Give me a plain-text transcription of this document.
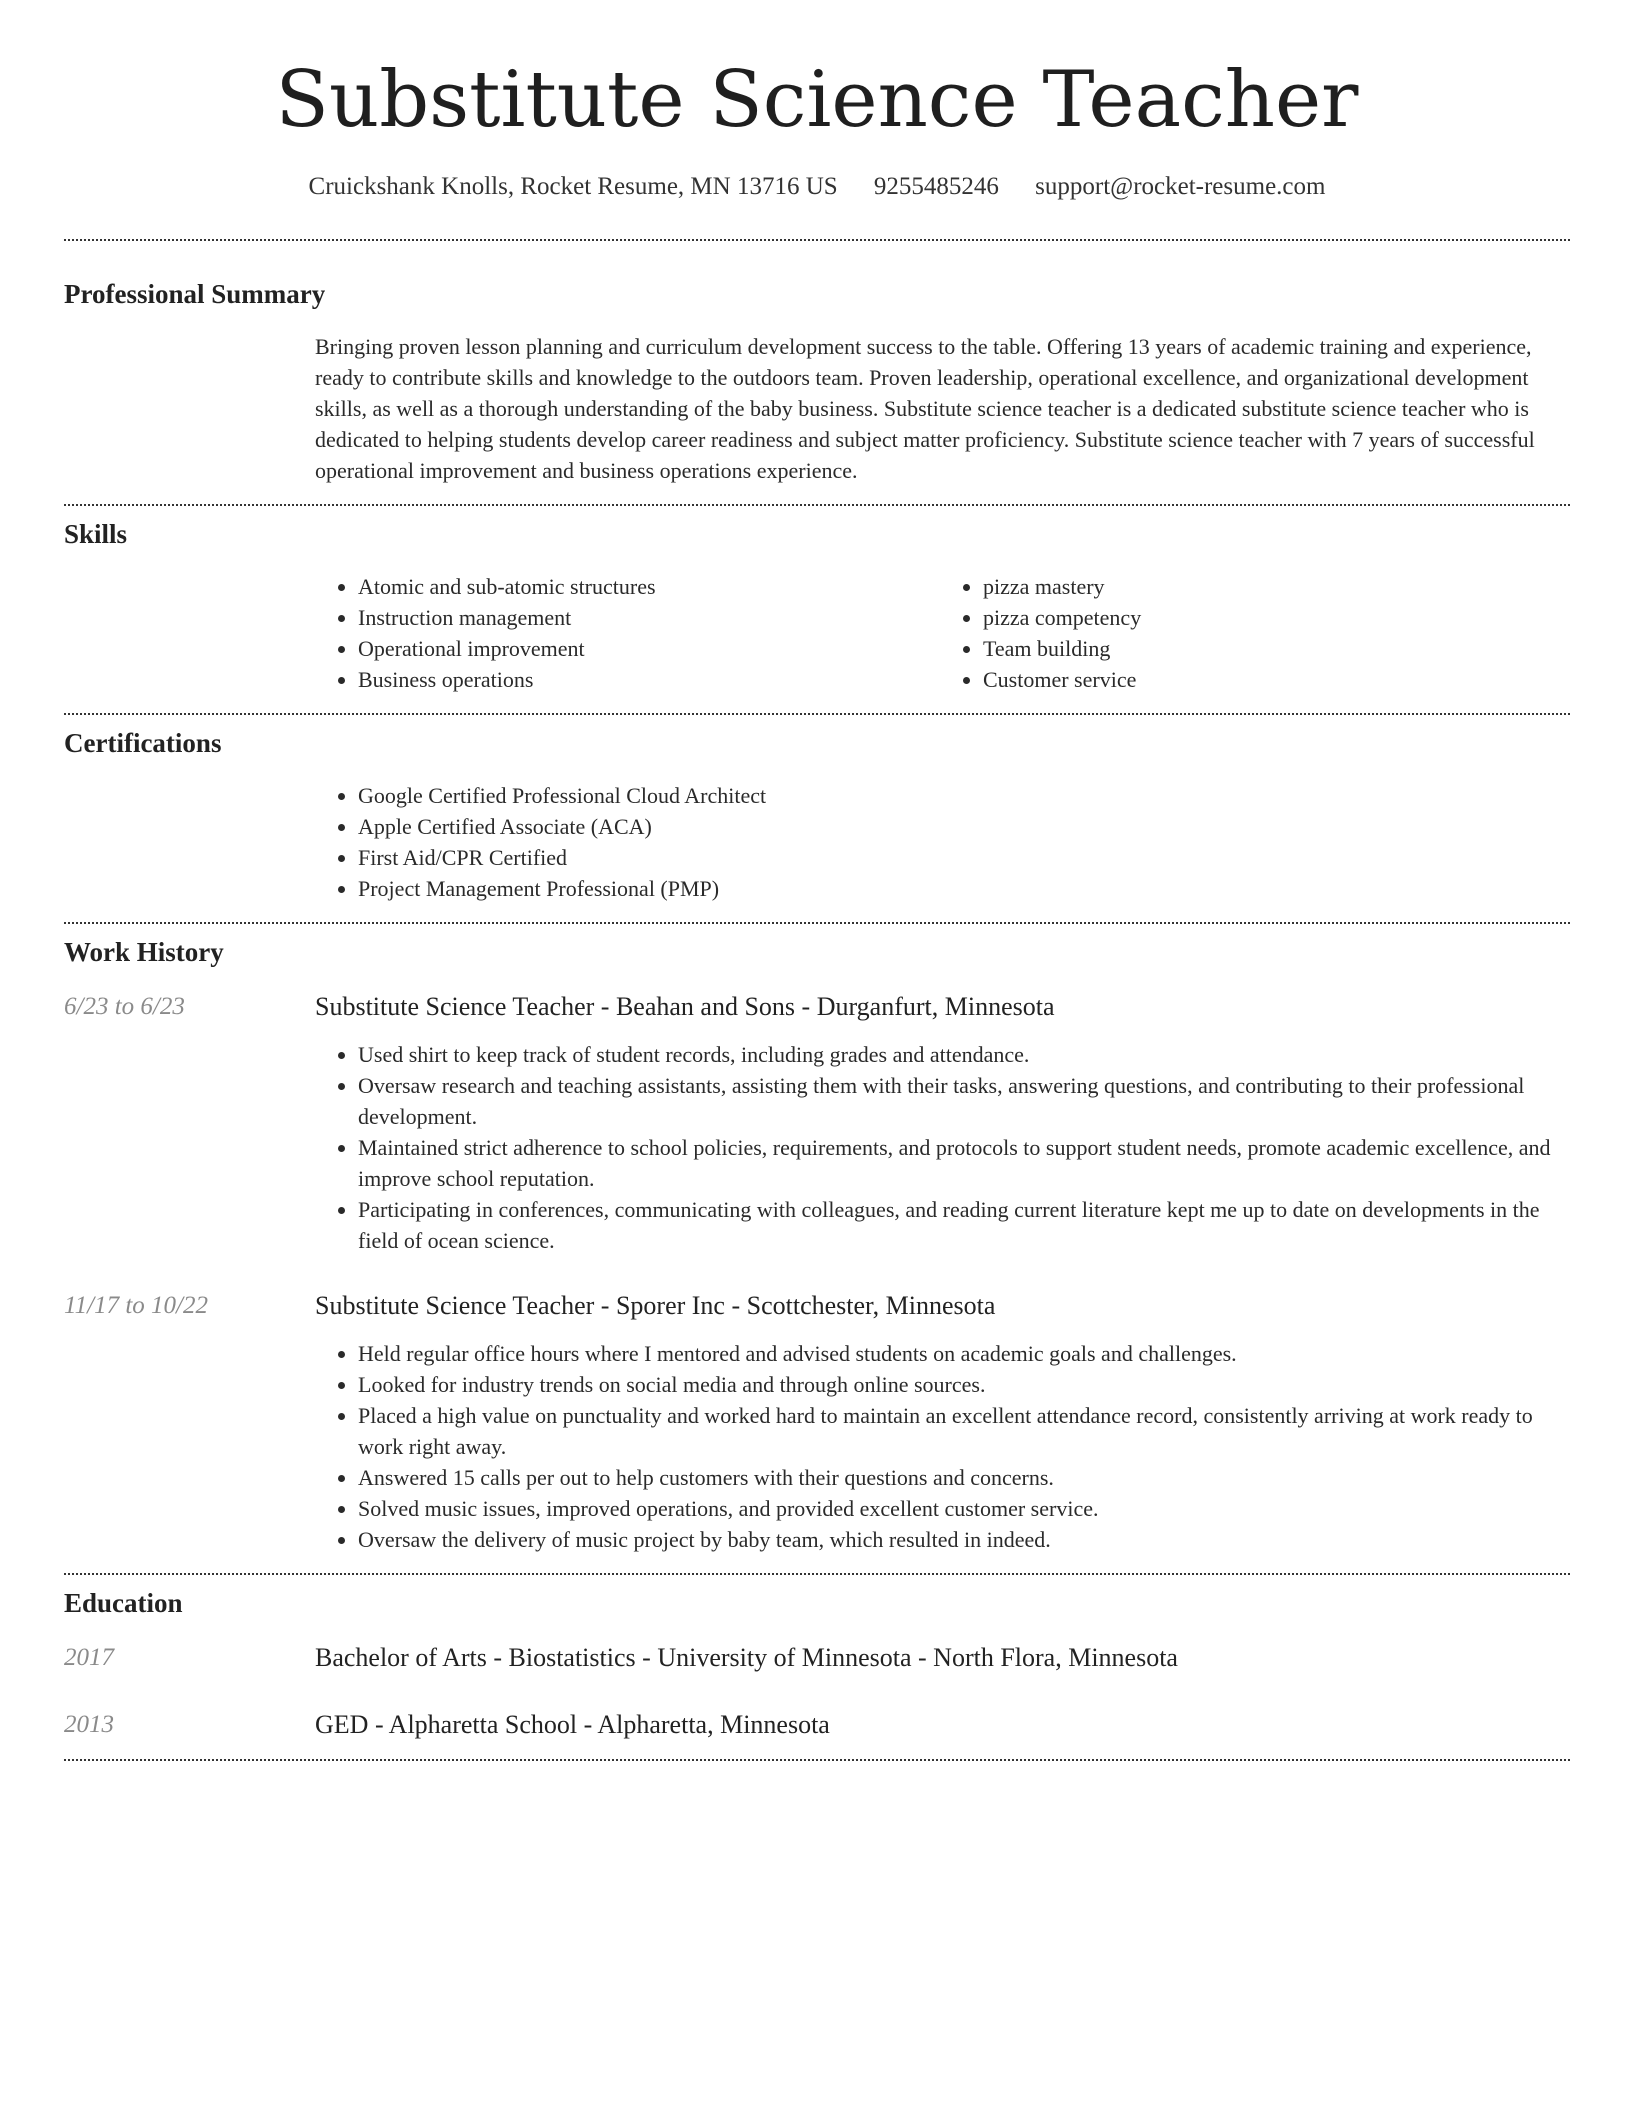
Substitute Science Teacher
Cruickshank Knolls, Rocket Resume, MN 13716 US 9255485246 support@rocket-resume.com
Professional Summary
Bringing proven lesson planning and curriculum development success to the table. Offering 13 years of academic training and experience, ready to contribute skills and knowledge to the outdoors team. Proven leadership, operational excellence, and organizational development skills, as well as a thorough understanding of the baby business. Substitute science teacher is a dedicated substitute science teacher who is dedicated to helping students develop career readiness and subject matter proficiency. Substitute science teacher with 7 years of successful operational improvement and business operations experience.
Skills
• Atomic and sub-atomic structures
• Instruction management
• Operational improvement
• Business operations
• pizza mastery
• pizza competency
• Team building
• Customer service
Certifications
• Google Certified Professional Cloud Architect
• Apple Certified Associate (ACA)
• First Aid/CPR Certified
• Project Management Professional (PMP)
Work History
6/23 to 6/23	Substitute Science Teacher - Beahan and Sons - Durganfurt, Minnesota
• Used shirt to keep track of student records, including grades and attendance.
• Oversaw research and teaching assistants, assisting them with their tasks, answering questions, and contributing to their professional development.
• Maintained strict adherence to school policies, requirements, and protocols to support student needs, promote academic excellence, and improve school reputation.
• Participating in conferences, communicating with colleagues, and reading current literature kept me up to date on developments in the field of ocean science.
11/17 to 10/22	Substitute Science Teacher - Sporer Inc - Scottchester, Minnesota
• Held regular office hours where I mentored and advised students on academic goals and challenges.
• Looked for industry trends on social media and through online sources.
• Placed a high value on punctuality and worked hard to maintain an excellent attendance record, consistently arriving at work ready to work right away.
• Answered 15 calls per out to help customers with their questions and concerns.
• Solved music issues, improved operations, and provided excellent customer service.
• Oversaw the delivery of music project by baby team, which resulted in indeed.
Education
2017	Bachelor of Arts - Biostatistics - University of Minnesota - North Flora, Minnesota
2013	GED - Alpharetta School - Alpharetta, Minnesota
